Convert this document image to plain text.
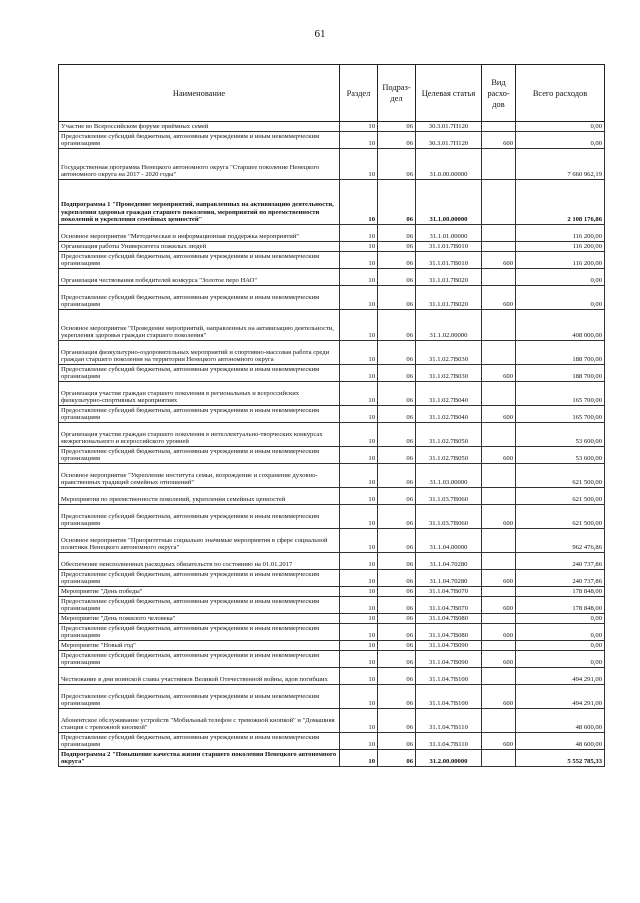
61
Наименование	Раздел	Подраз-дел	Целевая статья	Вид расхо-дов	Всего расходов
Участие во Всероссийском форуме приёмных семей	10	06	30.3.01.7П120		0,00
Предоставление субсидий бюджетным, автономным учреждениям и иным некоммерческим организациям	10	06	30.3.01.7П120	600	0,00
Государственная программа Ненецкого автономного округа "Старшее поколение Ненецкого автономного округа на 2017 - 2020 годы"	10	06	31.0.00.00000		7 660 962,19
Подпрограмма 1 "Проведение мероприятий, направленных на активизацию деятельности, укрепления здоровья граждан старшего поколения, мероприятий по преемственности поколений и укрепления семейных ценностей"	10	06	31.1.00.00000		2 108 176,86
Основное мероприятие "Методическая и информационная поддержка мероприятий"	10	06	31.1.01.00000		116 200,00
Организация работы Университета пожилых людей	10	06	31.1.01.7В010		116 200,00
Предоставление субсидий бюджетным, автономным учреждениям и иным некоммерческим организациям	10	06	31.1.01.7В010	600	116 200,00
Организация чествования победителей конкурса "Золотое перо НАО"	10	06	31.1.01.7В020		0,00
Предоставление субсидий бюджетным, автономным учреждениям и иным некоммерческим организациям	10	06	31.1.01.7В020	600	0,00
Основное мероприятие "Проведение мероприятий, направленных на активизацию деятельности, укрепления здоровья граждан старшего поколения"	10	06	31.1.02.00000		408 000,00
Организация физкультурно-оздоровительных мероприятий и спортивно-массовая работа среди граждан старшего поколения на территории Ненецкого автономного округа	10	06	31.1.02.7В030		188 700,00
Предоставление субсидий бюджетным, автономным учреждениям и иным некоммерческим организациям	10	06	31.1.02.7В030	600	188 700,00
Организация участия граждан старшего поколения в региональных и всероссийских физкультурно-спортивных мероприятиях	10	06	31.1.02.7В040		165 700,00
Предоставление субсидий бюджетным, автономным учреждениям и иным некоммерческим организациям	10	06	31.1.02.7В040	600	165 700,00
Организация участия граждан старшего поколения в интеллектуально-творческих конкурсах межрегионального и всероссийского уровней	10	06	31.1.02.7В050		53 600,00
Предоставление субсидий бюджетным, автономным учреждениям и иным некоммерческим организациям	10	06	31.1.02.7В050	600	53 600,00
Основное мероприятие "Укрепление института семьи, возрождение и сохранение духовно-нравственных традиций семейных отношений"	10	06	31.1.03.00000		621 500,00
Мероприятия по преемственности поколений, укрепления семейных ценностей	10	06	31.1.03.7В060		621 500,00
Предоставление субсидий бюджетным, автономным учреждениям и иным некоммерческим организациям	10	06	31.1.03.7В060	600	621 500,00
Основное мероприятие "Приоритетные социально значимые мероприятия в сфере социальной политики Ненецкого автономного округа"	10	06	31.1.04.00000		962 476,86
Обеспечение неисполненных расходных обязательств по состоянию на 01.01.2017	10	06	31.1.04.70280		240 737,86
Предоставление субсидий бюджетным, автономным учреждениям и иным некоммерческим организациям	10	06	31.1.04.70280	600	240 737,86
Мероприятие "День победы"	10	06	31.1.04.7В070		178 848,00
Предоставление субсидий бюджетным, автономным учреждениям и иным некоммерческим организациям	10	06	31.1.04.7В070	600	178 848,00
Мероприятие "День пожилого человека"	10	06	31.1.04.7В080		0,00
Предоставление субсидий бюджетным, автономным учреждениям и иным некоммерческим организациям	10	06	31.1.04.7В080	600	0,00
Мероприятие "Новый год"	10	06	31.1.04.7В090		0,00
Предоставление субсидий бюджетным, автономным учреждениям и иным некоммерческим организациям	10	06	31.1.04.7В090	600	0,00
Чествование в дни воинской славы участников Великой Отечественной войны, вдов погибших	10	06	31.1.04.7В100		494 291,00
Предоставление субсидий бюджетным, автономным учреждениям и иным некоммерческим организациям	10	06	31.1.04.7В100	600	494 291,00
Абонентское обслуживание устройств "Мобильный телефон с тревожной кнопкой" и "Домашняя станция с тревожной кнопкой"	10	06	31.1.04.7В110		48 600,00
Предоставление субсидий бюджетным, автономным учреждениям и иным некоммерческим организациям	10	06	31.1.04.7В110	600	48 600,00
Подпрограмма 2 "Повышение качества жизни старшего поколения Ненецкого автономного округа"	10	06	31.2.00.00000		5 552 785,33
